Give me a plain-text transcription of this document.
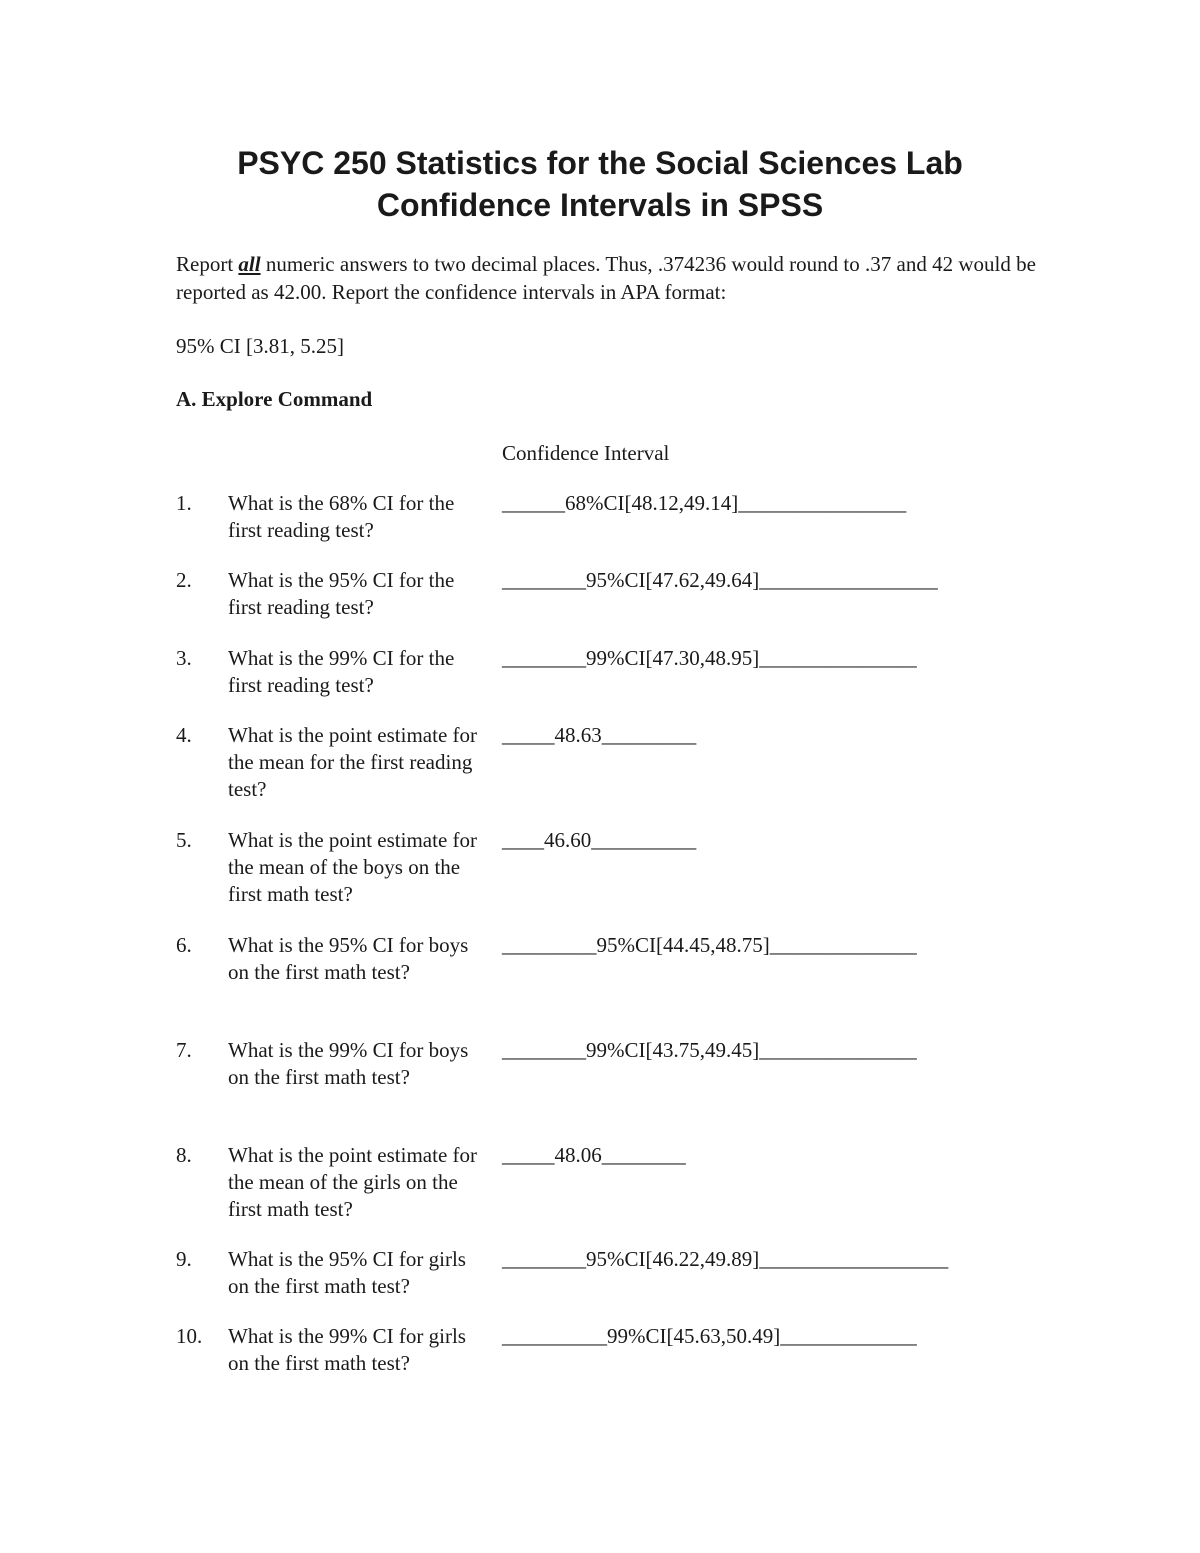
PSYC 250 Statistics for the Social Sciences Lab
Confidence Intervals in SPSS
Report all numeric answers to two decimal places. Thus, .374236 would round to .37 and 42 would be reported as 42.00. Report the confidence intervals in APA format:
95% CI [3.81, 5.25]
A. Explore Command
Confidence Interval
1.	What is the 68% CI for the first reading test?
______68%CI[48.12,49.14]________________
2.	What is the 95% CI for the first reading test?
________95%CI[47.62,49.64]_________________
3.	What is the 99% CI for the first reading test?
________99%CI[47.30,48.95]_______________
4.	What is the point estimate for the mean for the first reading test?
_____48.63_________
5.	What is the point estimate for the mean of the boys on the first math test?
____46.60__________
6.	What is the 95% CI for boys on the first math test?
_________95%CI[44.45,48.75]______________
7.	What is the 99% CI for boys on the first math test?
________99%CI[43.75,49.45]_______________
8.	What is the point estimate for the mean of the girls on the first math test?
_____48.06________
9.	What is the 95% CI for girls on the first math test?
________95%CI[46.22,49.89]__________________
10.	What is the 99% CI for girls on the first math test?
__________99%CI[45.63,50.49]_____________
